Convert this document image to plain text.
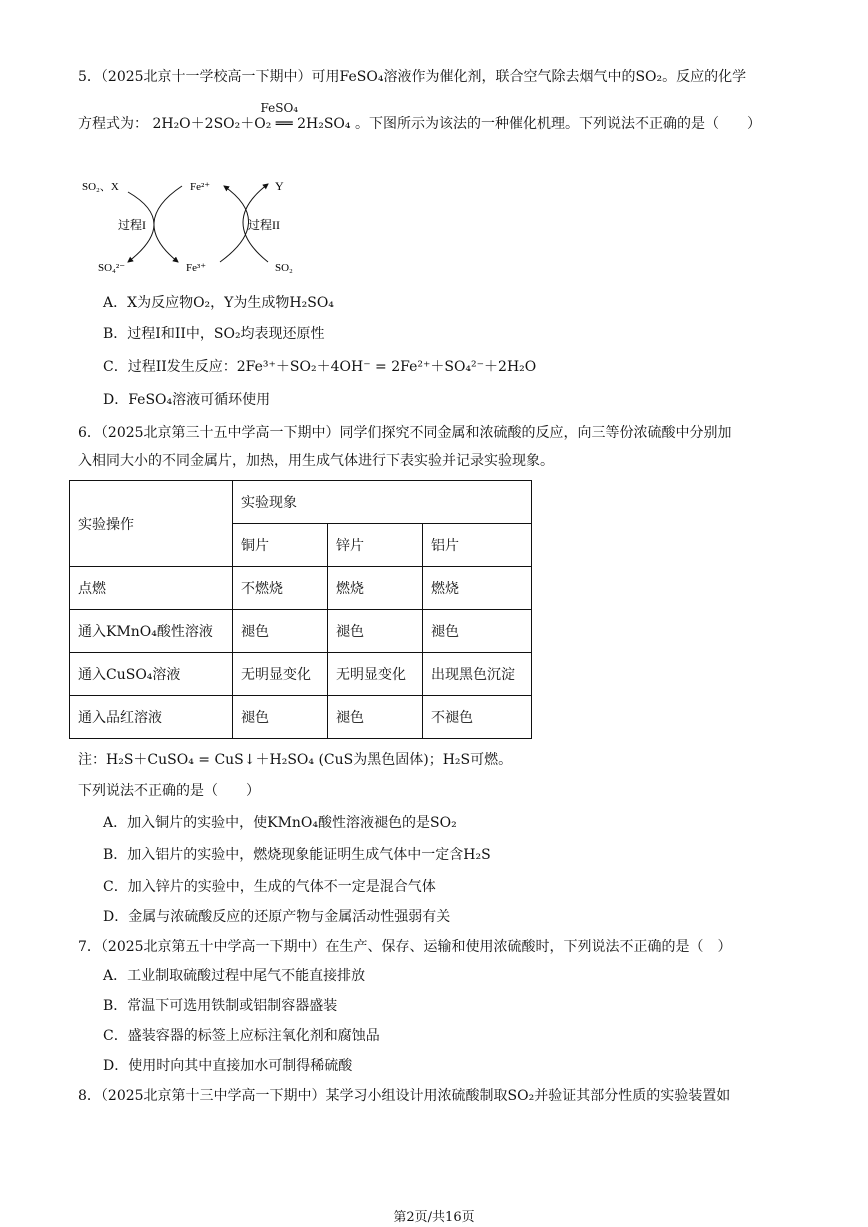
5．（2025北京十一学校高一下期中）可用FeSO₄溶液作为催化剂，联合空气除去烟气中的SO₂。反应的化学
方程式为： 2H₂O＋2SO₂＋O₂ ══ 2H₂SO₄
FeSO₄
。下图所示为该法的一种催化机理。下列说法不正确的是（　　）
SO₂、X
SO₄²⁻
Fe²⁺
Fe³⁺
Y
SO₂
过程I	过程II
A．X为反应物O₂，Y为生成物H₂SO₄
B．过程I和II中，SO₂均表现还原性
C．过程II发生反应：2Fe³⁺＋SO₂＋4OH⁻ = 2Fe²⁺＋SO₄²⁻＋2H₂O
D．FeSO₄溶液可循环使用
6．（2025北京第三十五中学高一下期中）同学们探究不同金属和浓硫酸的反应，向三等份浓硫酸中分别加
入相同大小的不同金属片，加热，用生成气体进行下表实验并记录实验现象。
实验操作	实验现象		
	铜片	锌片	铝片
点燃	不燃烧	燃烧	燃烧
通入KMnO₄酸性溶液	褪色	褪色	褪色
通入CuSO₄溶液	无明显变化	无明显变化	出现黑色沉淀
通入品红溶液	褪色	褪色	不褪色
注：H₂S＋CuSO₄ = CuS↓＋H₂SO₄ (CuS为黑色固体)；H₂S可燃。
下列说法不正确的是（　　）
A．加入铜片的实验中，使KMnO₄酸性溶液褪色的是SO₂
B．加入铝片的实验中，燃烧现象能证明生成气体中一定含H₂S
C．加入锌片的实验中，生成的气体不一定是混合气体
D．金属与浓硫酸反应的还原产物与金属活动性强弱有关
7．（2025北京第五十中学高一下期中）在生产、保存、运输和使用浓硫酸时，下列说法不正确的是（　）
A．工业制取硫酸过程中尾气不能直接排放
B．常温下可选用铁制或铝制容器盛装
C．盛装容器的标签上应标注氧化剂和腐蚀品
D．使用时向其中直接加水可制得稀硫酸
8．（2025北京第十三中学高一下期中）某学习小组设计用浓硫酸制取SO₂并验证其部分性质的实验装置如
第2页/共16页
